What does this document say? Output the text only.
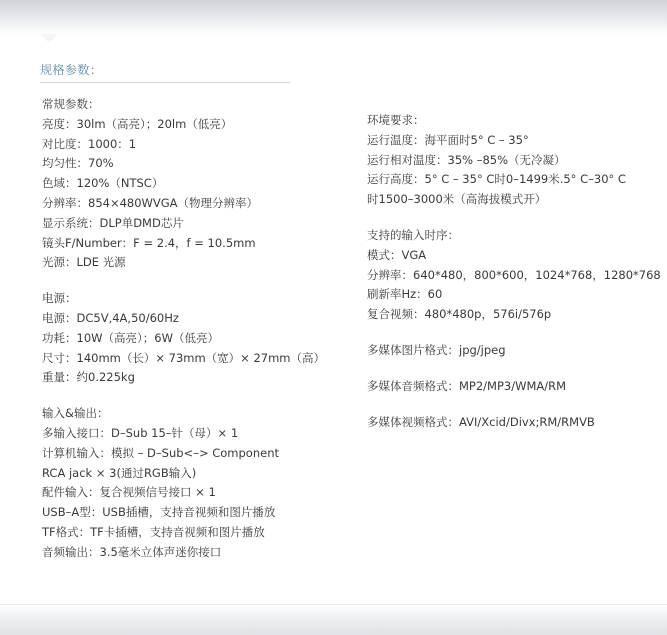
规格参数：
常规参数：
亮度：30lm（高亮）；20lm（低亮）
对比度：1000：1
均匀性：70%
色域：120%（NTSC）
分辨率：854×480WVGA（物理分辨率）
显示系统：DLP单DMD芯片
镜头F/Number：F = 2.4，f = 10.5mm
光源：LDE 光源
电源：
电源：DC5V,4A,50/60Hz
功耗：10W（高亮）；6W（低亮）
尺寸：140mm（长）× 73mm（宽）× 27mm（高）
重量：约0.225kg
输入&输出：
多输入接口：D–Sub 15–针（母）× 1
计算机输入：模拟 – D–Sub<–> Component
RCA jack × 3(通过RGB输入)
配件输入：复合视频信号接口 × 1
USB–A型：USB插槽，支持音视频和图片播放
TF格式：TF卡插槽，支持音视频和图片播放
音频输出：3.5毫米立体声迷你接口
环境要求：
运行温度：海平面时5° C – 35°
运行相对温度：35% –85%（无冷凝）
运行高度：5° C – 35° C时0–1499米.5° C–30° C
时1500–3000米（高海拔模式开）
支持的输入时序：
模式：VGA
分辨率：640*480，800*600，1024*768，1280*768
刷新率Hz：60
复合视频：480*480p，576i/576p
多媒体图片格式：jpg/jpeg
多媒体音频格式：MP2/MP3/WMA/RM
多媒体视频格式：AVI/Xcid/Divx;RM/RMVB
